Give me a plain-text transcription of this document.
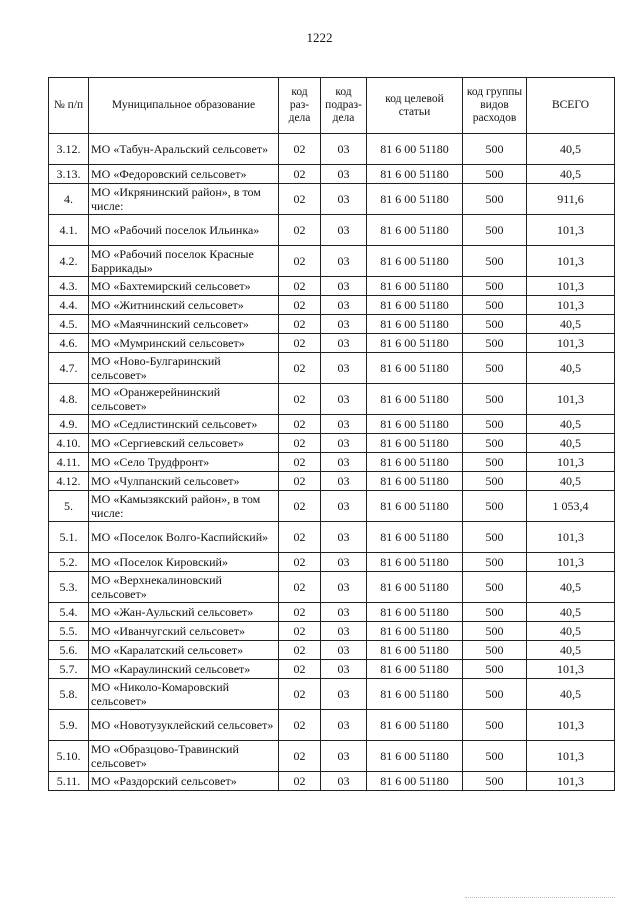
1222
№ п/п	Муниципальное образование	код раз-дела	код подраз-дела	код целевой статьи	код группы видов расходов	ВСЕГО
3.12.	МО «Табун-Аральский сельсовет»	02	03	81 6 00 51180	500	40,5
3.13.	МО «Федоровский сельсовет»	02	03	81 6 00 51180	500	40,5
4.	МО «Икрянинский район», в том числе:	02	03	81 6 00 51180	500	911,6
4.1.	МО «Рабочий поселок Ильинка»	02	03	81 6 00 51180	500	101,3
4.2.	МО «Рабочий поселок Красные Баррикады»	02	03	81 6 00 51180	500	101,3
4.3.	МО «Бахтемирский сельсовет»	02	03	81 6 00 51180	500	101,3
4.4.	МО «Житнинский сельсовет»	02	03	81 6 00 51180	500	101,3
4.5.	МО «Маячнинский сельсовет»	02	03	81 6 00 51180	500	40,5
4.6.	МО «Мумринский сельсовет»	02	03	81 6 00 51180	500	101,3
4.7.	МО «Ново-Булгаринский сельсовет»	02	03	81 6 00 51180	500	40,5
4.8.	МО «Оранжерейнинский сельсовет»	02	03	81 6 00 51180	500	101,3
4.9.	МО «Седлистинский сельсовет»	02	03	81 6 00 51180	500	40,5
4.10.	МО «Сергиевский сельсовет»	02	03	81 6 00 51180	500	40,5
4.11.	МО «Село Трудфронт»	02	03	81 6 00 51180	500	101,3
4.12.	МО «Чулпанский сельсовет»	02	03	81 6 00 51180	500	40,5
5.	МО «Камызякский район», в том числе:	02	03	81 6 00 51180	500	1 053,4
5.1.	МО «Поселок Волго-Каспийский»	02	03	81 6 00 51180	500	101,3
5.2.	МО «Поселок Кировский»	02	03	81 6 00 51180	500	101,3
5.3.	МО «Верхнекалиновский сельсовет»	02	03	81 6 00 51180	500	40,5
5.4.	МО «Жан-Аульский сельсовет»	02	03	81 6 00 51180	500	40,5
5.5.	МО «Иванчугский сельсовет»	02	03	81 6 00 51180	500	40,5
5.6.	МО «Каралатский сельсовет»	02	03	81 6 00 51180	500	40,5
5.7.	МО «Караулинский сельсовет»	02	03	81 6 00 51180	500	101,3
5.8.	МО «Николо-Комаровский сельсовет»	02	03	81 6 00 51180	500	40,5
5.9.	МО «Новотузуклейский сельсовет»	02	03	81 6 00 51180	500	101,3
5.10.	МО «Образцово-Травинский сельсовет»	02	03	81 6 00 51180	500	101,3
5.11.	МО «Раздорский сельсовет»	02	03	81 6 00 51180	500	101,3
